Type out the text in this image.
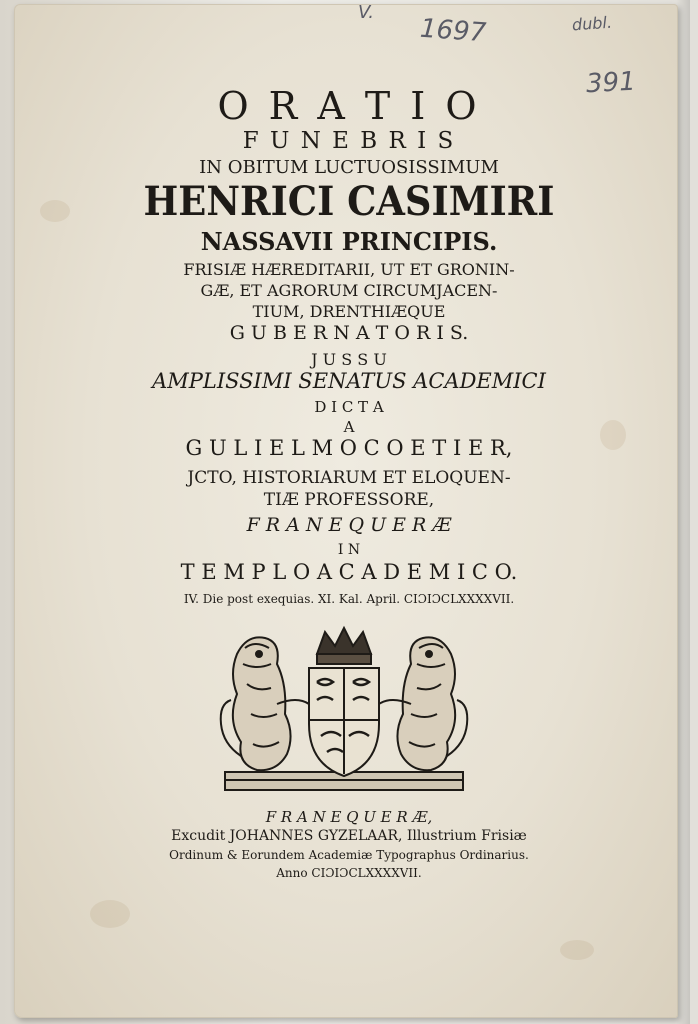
V.
1697	dubl.
391
O R A T I O
F U N E B R I S
IN OBITUM LUCTUOSISSIMUM
HENRICI CASIMIRI
NASSAVII PRINCIPIS.
FRISIÆ HÆREDITARII, UT ET GRONIN-
GÆ, ET AGRORUM CIRCUMJACEN-
TIUM, DRENTHIÆQUE
G U B E R N A T O R I S.
J U S S U
AMPLISSIMI SENATUS ACADEMICI
D I C T A
A
G U L I E L M O C O E T I E R,
JCTO, HISTORIARUM ET ELOQUEN-
TIÆ PROFESSORE,
F R A N E Q U E R Æ
I N
T E M P L O A C A D E M I C O.
IV. Die post exequias. XI. Kal. April. CIƆIƆCLXXXXVII.
F R A N E Q U E R Æ,
Excudit JOHANNES GYZELAAR, Illustrium Frisiæ
Ordinum & Eorundem Academiæ Typographus Ordinarius.
Anno CIƆIƆCLXXXXVII.
